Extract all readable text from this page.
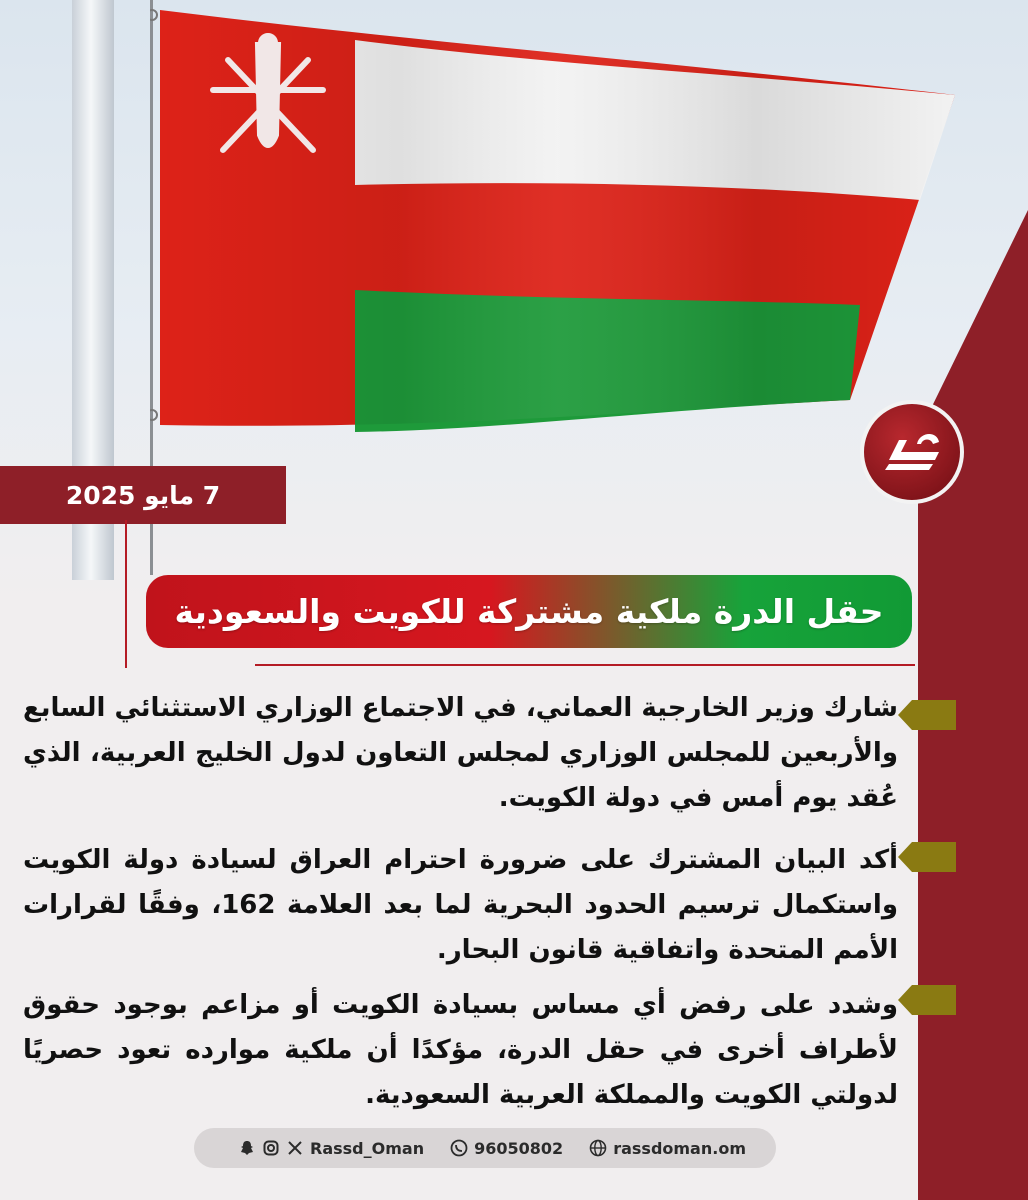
7 مايو 2025
حقل الدرة ملكية مشتركة للكويت والسعودية

شارك وزير الخارجية العماني، في الاجتماع الوزاري الاستثنائي السابع والأربعين للمجلس الوزاري لمجلس التعاون لدول الخليج العربية، الذي عُقد يوم أمس في دولة الكويت.

أكد البيان المشترك على ضرورة احترام العراق لسيادة دولة الكويت واستكمال ترسيم الحدود البحرية لما بعد العلامة 162، وفقًا لقرارات الأمم المتحدة واتفاقية قانون البحار.

وشدد على رفض أي مساس بسيادة الكويت أو مزاعم بوجود حقوق لأطراف أخرى في حقل الدرة، مؤكدًا أن ملكية موارده تعود حصريًا لدولتي الكويت والمملكة العربية السعودية.

Rassd_Oman	96050802	rassdoman.om
